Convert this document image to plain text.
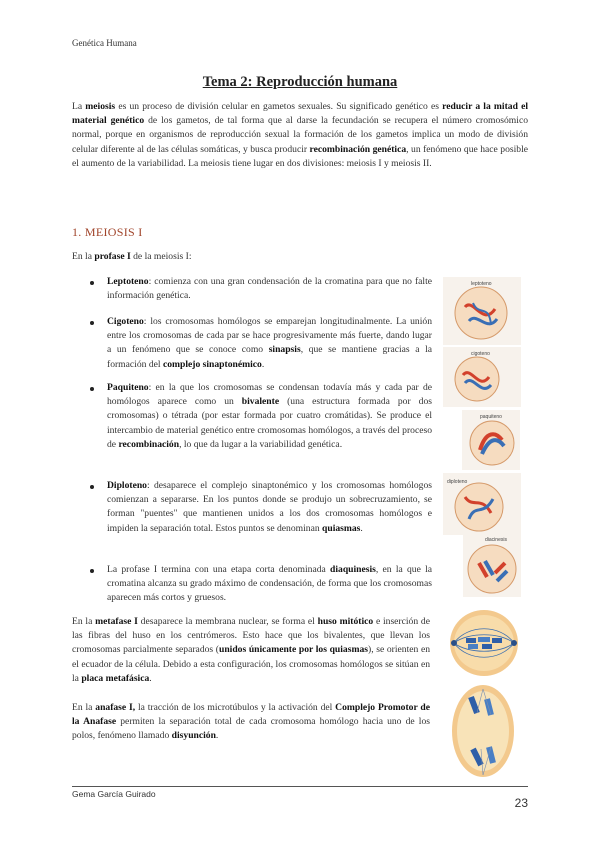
Genética Humana
Tema 2: Reproducción humana

La meiosis es un proceso de división celular en gametos sexuales. Su significado genético es reducir a la mitad el material genético de los gametos, de tal forma que al darse la fecundación se recupera el número cromosómico normal, porque en organismos de reproducción sexual la formación de los gametos implica un modo de división celular diferente al de las células somáticas, y busca producir recombinación genética, un fenómeno que hace posible el aumento de la variabilidad. La meiosis tiene lugar en dos divisiones: meiosis I y meiosis II.

1. MEIOSIS I

En la profase I de la meiosis I:

Leptoteno: comienza con una gran condensación de la cromatina para que no falte información genética.

Cigoteno: los cromosomas homólogos se emparejan longitudinalmente. La unión entre los cromosomas de cada par se hace progresivamente más fuerte, dando lugar a un fenómeno que se conoce como sinapsis, que se mantiene gracias a la formación del complejo sinaptonémico.

Paquiteno: en la que los cromosomas se condensan todavía más y cada par de homólogos aparece como un bivalente (una estructura formada por dos cromosomas) o tétrada (por estar formada por cuatro cromátidas). Se produce el intercambio de material genético entre cromosomas homólogos, a través del proceso de recombinación, lo que da lugar a la variabilidad genética.

Diploteno: desaparece el complejo sinaptonémico y los cromosomas homólogos comienzan a separarse. En los puntos donde se produjo un sobrecruzamiento, se forman "puentes" que mantienen unidos a los dos cromosomas homólogos e impiden la separación total. Estos puntos se denominan quiasmas.

La profase I termina con una etapa corta denominada diaquinesis, en la que la cromatina alcanza su grado máximo de condensación, de forma que los cromosomas aparecen más cortos y gruesos.

En la metafase I desaparece la membrana nuclear, se forma el huso mitótico e inserción de las fibras del huso en los centrómeros. Esto hace que los bivalentes, que llevan los cromosomas parcialmente separados (unidos únicamente por los quiasmas), se orienten en el ecuador de la célula. Debido a esta configuración, los cromosomas homólogos se sitúan en la placa metafásica.

En la anafase I, la tracción de los microtúbulos y la activación del Complejo Promotor de la Anafase permiten la separación total de cada cromosoma homólogo hacia uno de los polos, fenómeno llamado disyunción.

leptoteno
cigoteno
paquiteno
diploteno
diacinesis
Gema García Guirado
23
